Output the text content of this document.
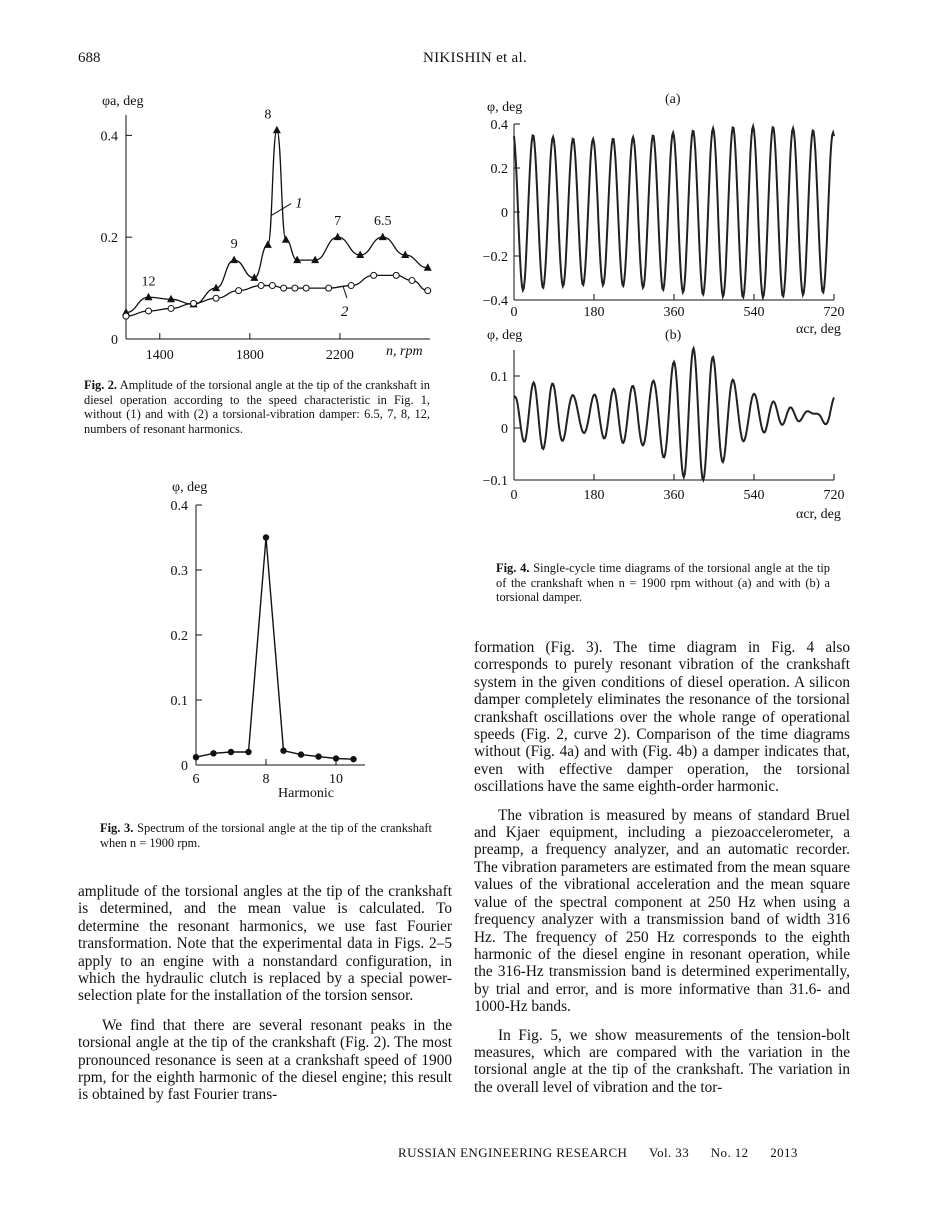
688	NIKISHIN et al.
φa, deg
0
0.2
0.4
1400	1800	2200 n, rpm
12
9
8
7 6.5
1
2
Fig. 2. Amplitude of the torsional angle at the tip of the crankshaft in diesel operation according to the speed characteristic in Fig. 1, without (1) and with (2) a torsional-vibration damper: 6.5, 7, 8, 12, numbers of resonant harmonics.
φ, deg
0
0.1
0.2
0.3
0.4
6	8	10
Harmonic
Fig. 3. Spectrum of the torsional angle at the tip of the crankshaft when n = 1900 rpm.
(a)
φ, deg
0.4
0.2
0
−0.2
−0.4
0	180	360	540	720
αcr, deg
(b)
φ, deg
0.1
0
−0.1
0	180	360	540	720
αcr, deg
Fig. 4. Single-cycle time diagrams of the torsional angle at the tip of the crankshaft when n = 1900 rpm without (a) and with (b) a torsional damper.

amplitude of the torsional angles at the tip of the crankshaft is determined, and the mean value is calculated. To determine the resonant harmonics, we use fast Fourier transformation. Note that the experimental data in Figs. 2–5 apply to an engine with a nonstandard configuration, in which the hydraulic clutch is replaced by a special power-selection plate for the installation of the torsion sensor.

We find that there are several resonant peaks in the torsional angle at the tip of the crankshaft (Fig. 2). The most pronounced resonance is seen at a crankshaft speed of 1900 rpm, for the eighth harmonic of the diesel engine; this result is obtained by fast Fourier trans-

formation (Fig. 3). The time diagram in Fig. 4 also corresponds to purely resonant vibration of the crankshaft system in the given conditions of diesel operation. A silicon damper completely eliminates the resonance of the torsional crankshaft oscillations over the whole range of operational speeds (Fig. 2, curve 2). Comparison of the time diagrams without (Fig. 4a) and with (Fig. 4b) a damper indicates that, even with effective damper operation, the torsional oscillations have the same eighth-order harmonic.

The vibration is measured by means of standard Bruel and Kjaer equipment, including a piezoaccelerometer, a preamp, a frequency analyzer, and an automatic recorder. The vibration parameters are estimated from the mean square values of the vibrational acceleration and the mean square value of the spectral component at 250 Hz when using a frequency analyzer with a transmission band of width 316 Hz. The frequency of 250 Hz corresponds to the eighth harmonic of the diesel engine in resonant operation, while the 316-Hz transmission band is determined experimentally, by trial and error, and is more informative than 31.6- and 1000-Hz bands.

In Fig. 5, we show measurements of the tension-bolt measures, which are compared with the variation in the torsional angle at the tip of the crankshaft. The variation in the overall level of vibration and the tor-

RUSSIAN ENGINEERING RESEARCH Vol. 33 No. 12 2013
